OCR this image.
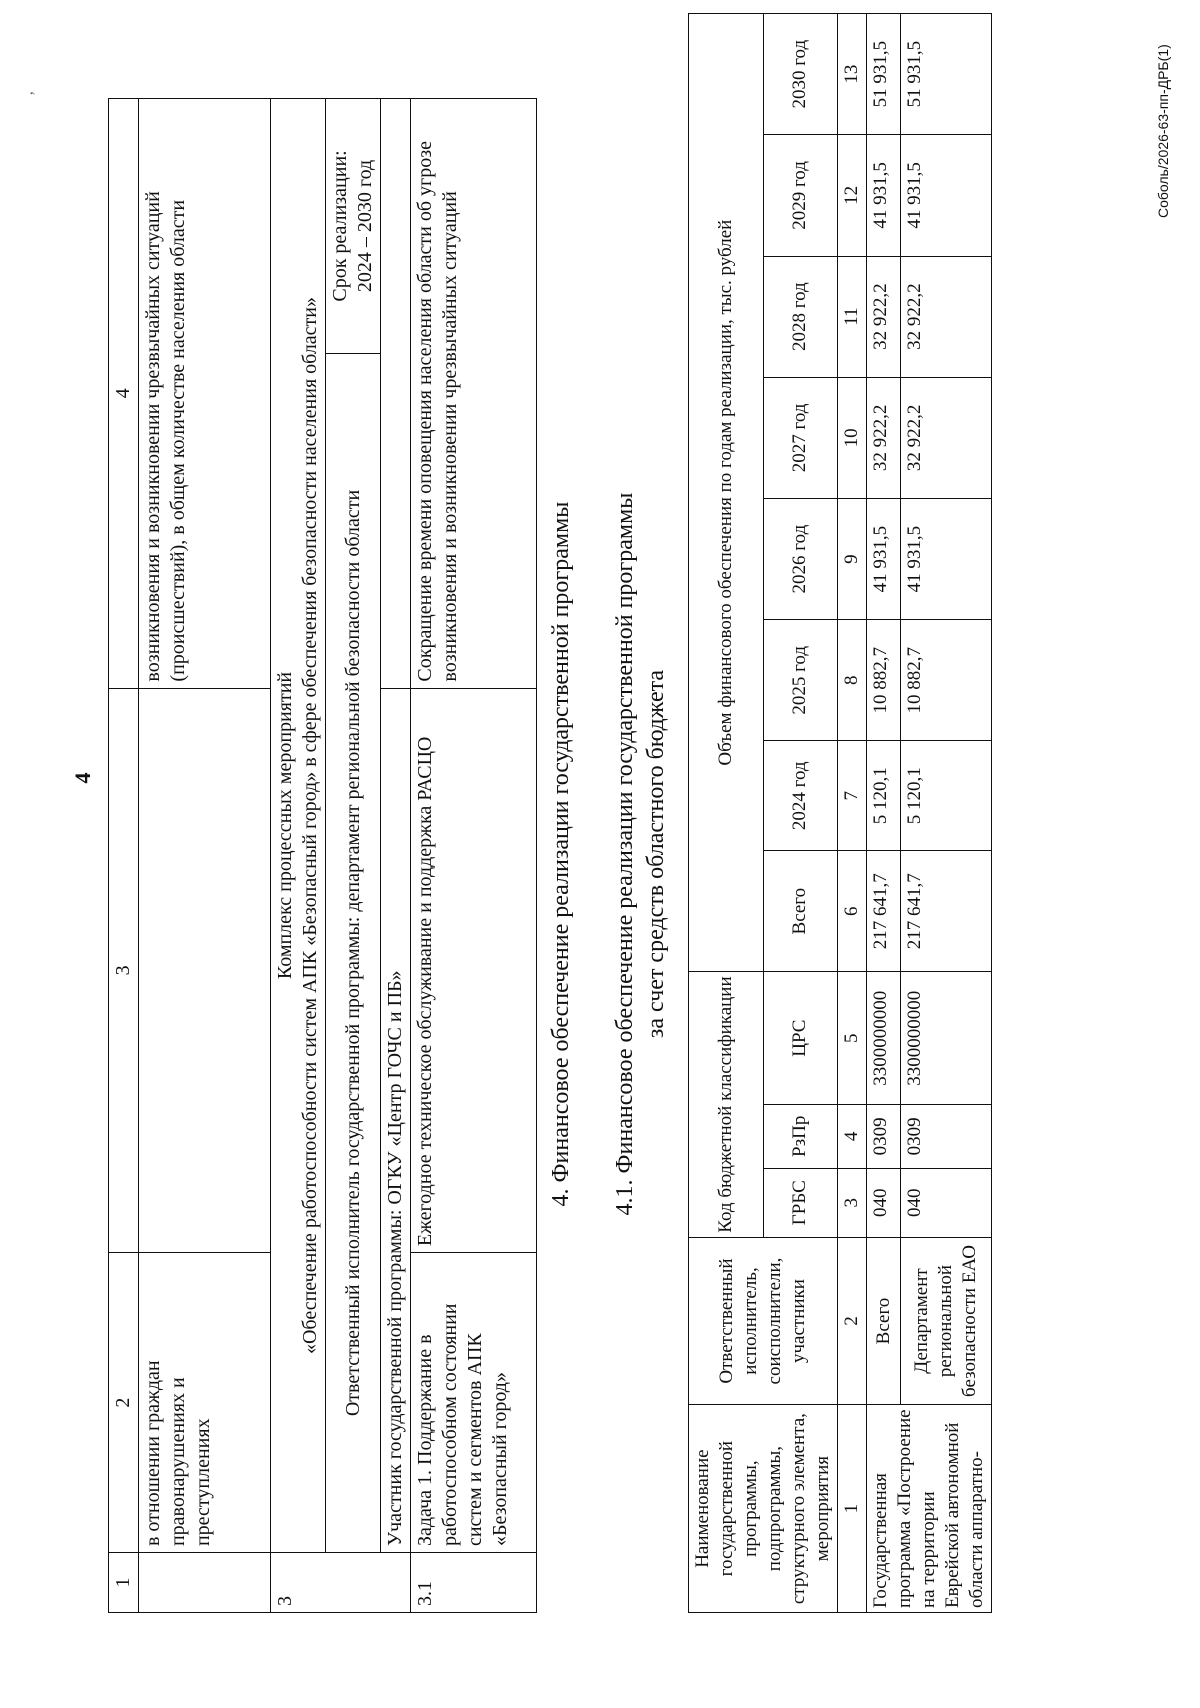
ʼ
4
1	2	3	4	
	в отношении граждан правонарушениях и преступлениях		возникновения и возникновении чрезвычайных ситуаций (происшествий), в общем количестве населения области	
3	Комплекс процессных мероприятий «Обеспечение работоспособности систем АПК «Безопасный город» в сфере обеспечения безопасности населения области»			

	Ответственный исполнитель государственной программы: департамент региональной безопасности области			Срок реализации: 2024 – 2030 год

	Участник государственной программы: ОГКУ «Центр ГОЧС и ПБ»			
3.1	Задача 1. Поддержание в работоспособном состоянии систем и сегментов АПК «Безопасный город»	Ежегодное техническое обслуживание и поддержка РАСЦО	Сокращение времени оповещения населения области об угрозе возникновения и возникновении чрезвычайных ситуаций	
4. Финансовое обеспечение реализации государственной программы 4.1. Финансовое обеспечение реализации государственной программы за счет средств областного бюджета
Наименование государственной программы, подпрограммы, структурного элемента, мероприятия	Ответственный исполнитель, соисполнители, участники	Код бюджетной классификации			Объем финансового обеспечения по годам реализации, тыс. рублей							
		ГРБС	РзПр	ЦРС	Всего	2024 год	2025 год	2026 год	2027 год	2028 год	2029 год	2030 год
1	2	3	4	5	6	7	8	9	10	11	12	13
Государственная программа «Построение на территории Еврейской автономной области аппаратно-	Всего	040	0309	3300000000	217 641,7	5 120,1	10 882,7	41 931,5	32 922,2	32 922,2	41 931,5	51 931,5
	Департамент региональной безопасности ЕАО	040	0309	3300000000	217 641,7	5 120,1	10 882,7	41 931,5	32 922,2	32 922,2	41 931,5	51 931,5	Соболь/2026-63-пп-ДРБ(1)
